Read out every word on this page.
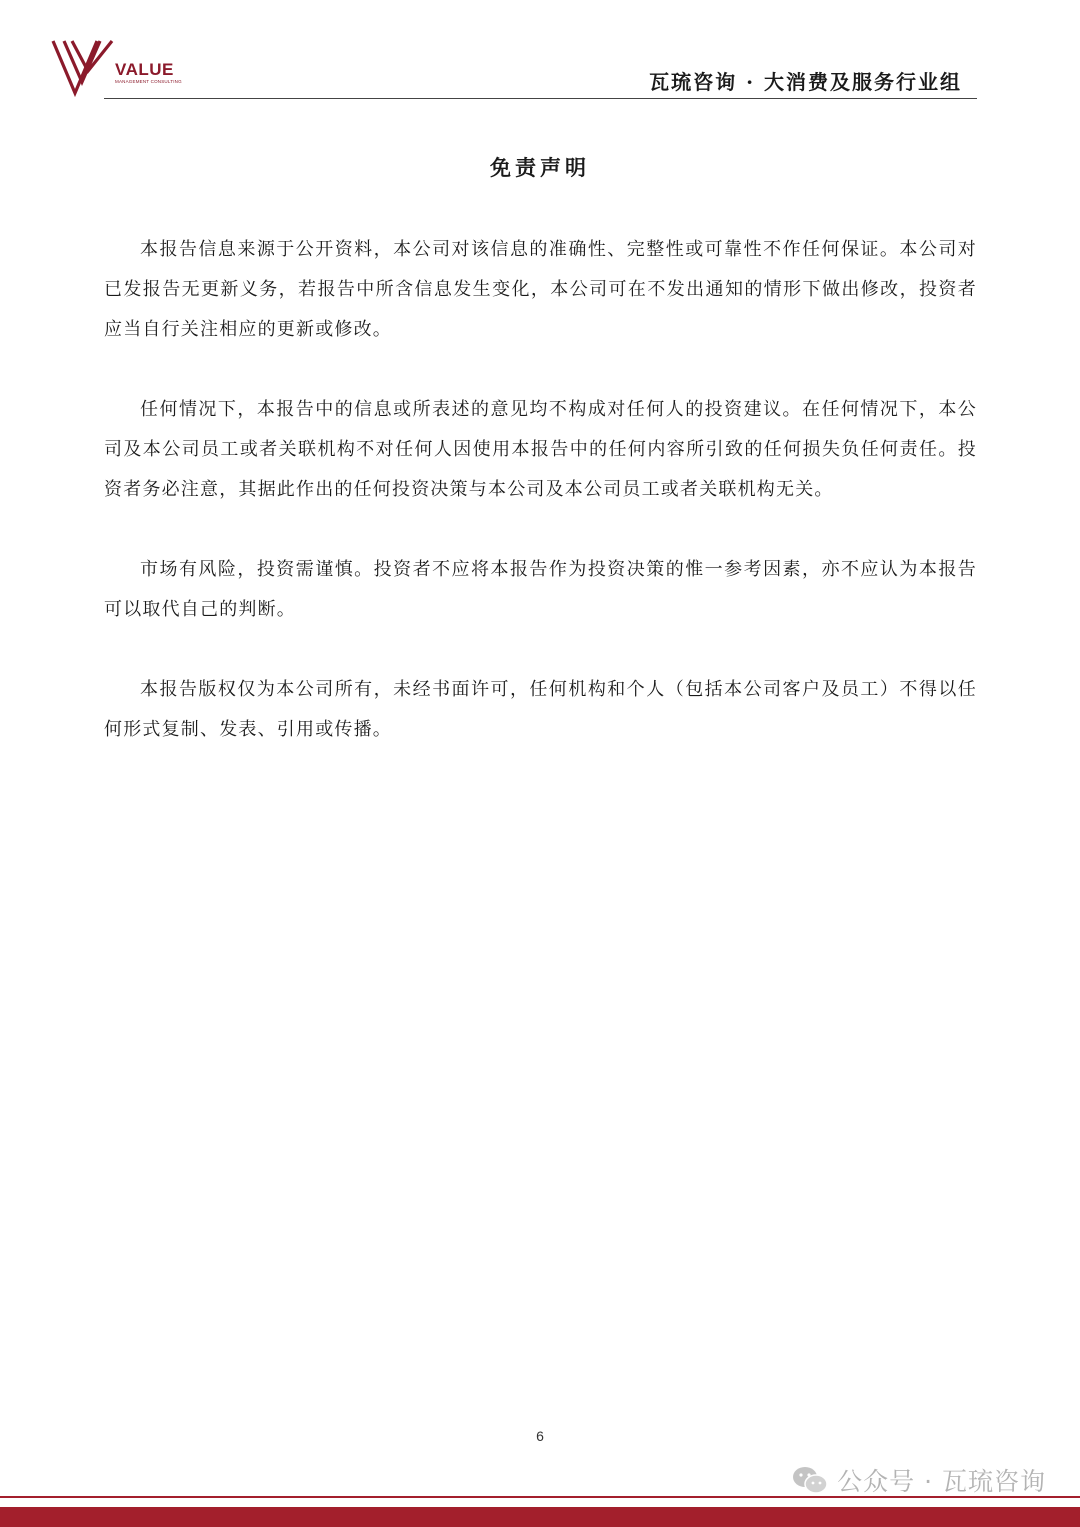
VALUE
MANAGEMENT CONSULTING	瓦琉咨询 · 大消费及服务行业组
免责声明

本报告信息来源于公开资料，本公司对该信息的准确性、完整性或可靠性不作任何保证。本公司对已发报告无更新义务，若报告中所含信息发生变化，本公司可在不发出通知的情形下做出修改，投资者应当自行关注相应的更新或修改。

任何情况下，本报告中的信息或所表述的意见均不构成对任何人的投资建议。在任何情况下，本公司及本公司员工或者关联机构不对任何人因使用本报告中的任何内容所引致的任何损失负任何责任。投资者务必注意，其据此作出的任何投资决策与本公司及本公司员工或者关联机构无关。

市场有风险，投资需谨慎。投资者不应将本报告作为投资决策的惟一参考因素，亦不应认为本报告可以取代自己的判断。

本报告版权仅为本公司所有，未经书面许可，任何机构和个人（包括本公司客户及员工）不得以任何形式复制、发表、引用或传播。

6
公众号 · 瓦琉咨询
